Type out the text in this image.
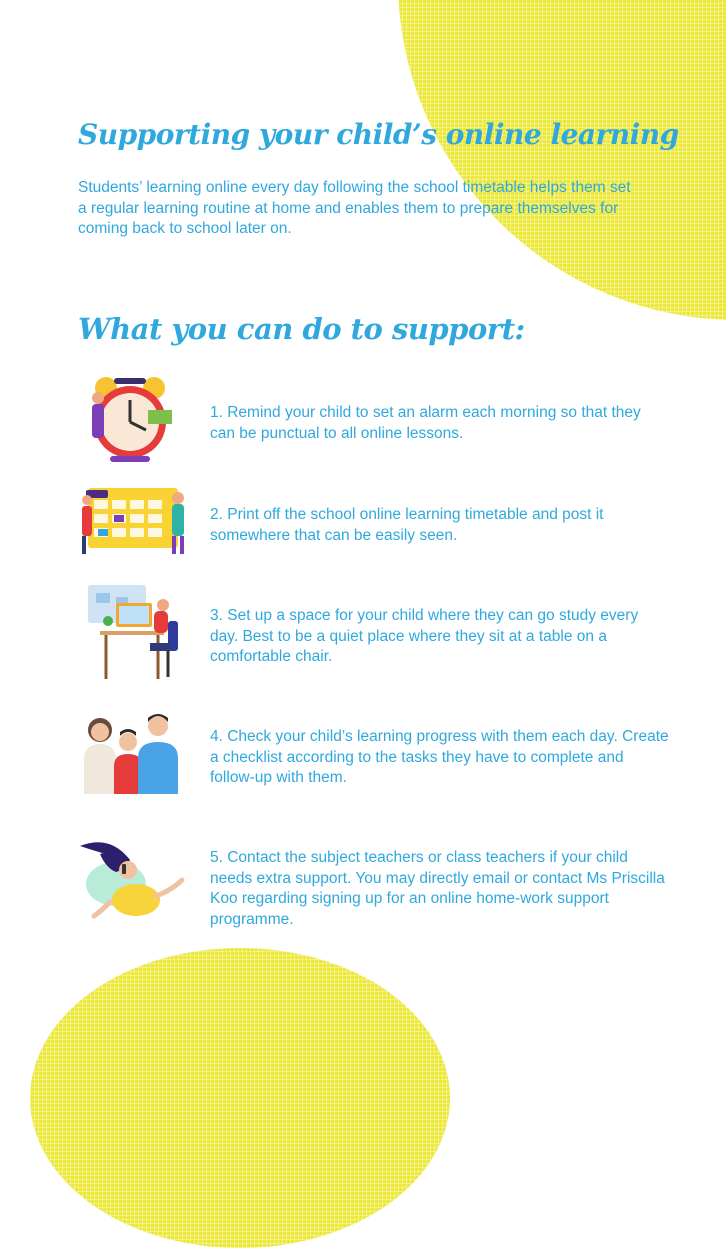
Supporting your child’s online learning

Students’ learning online every day following the school timetable helps them set a regular learning routine at home and enables them to prepare themselves for coming back to school later on.

What you can do to support:

1. Remind your child to set an alarm each morning so that they can be punctual to all online lessons.

2. Print off the school online learning timetable and post it somewhere that can be easily seen.

3. Set up a space for your child where they can go study every day. Best to be a quiet place where they sit at a table on a comfortable chair.

4. Check your child’s learning progress with them each day. Create a checklist according to the tasks they have to complete and follow-up with them.

5. Contact the subject teachers or class teachers if your child needs extra support. You may directly email or contact Ms Priscilla Koo regarding signing up for an online home-work support programme.
